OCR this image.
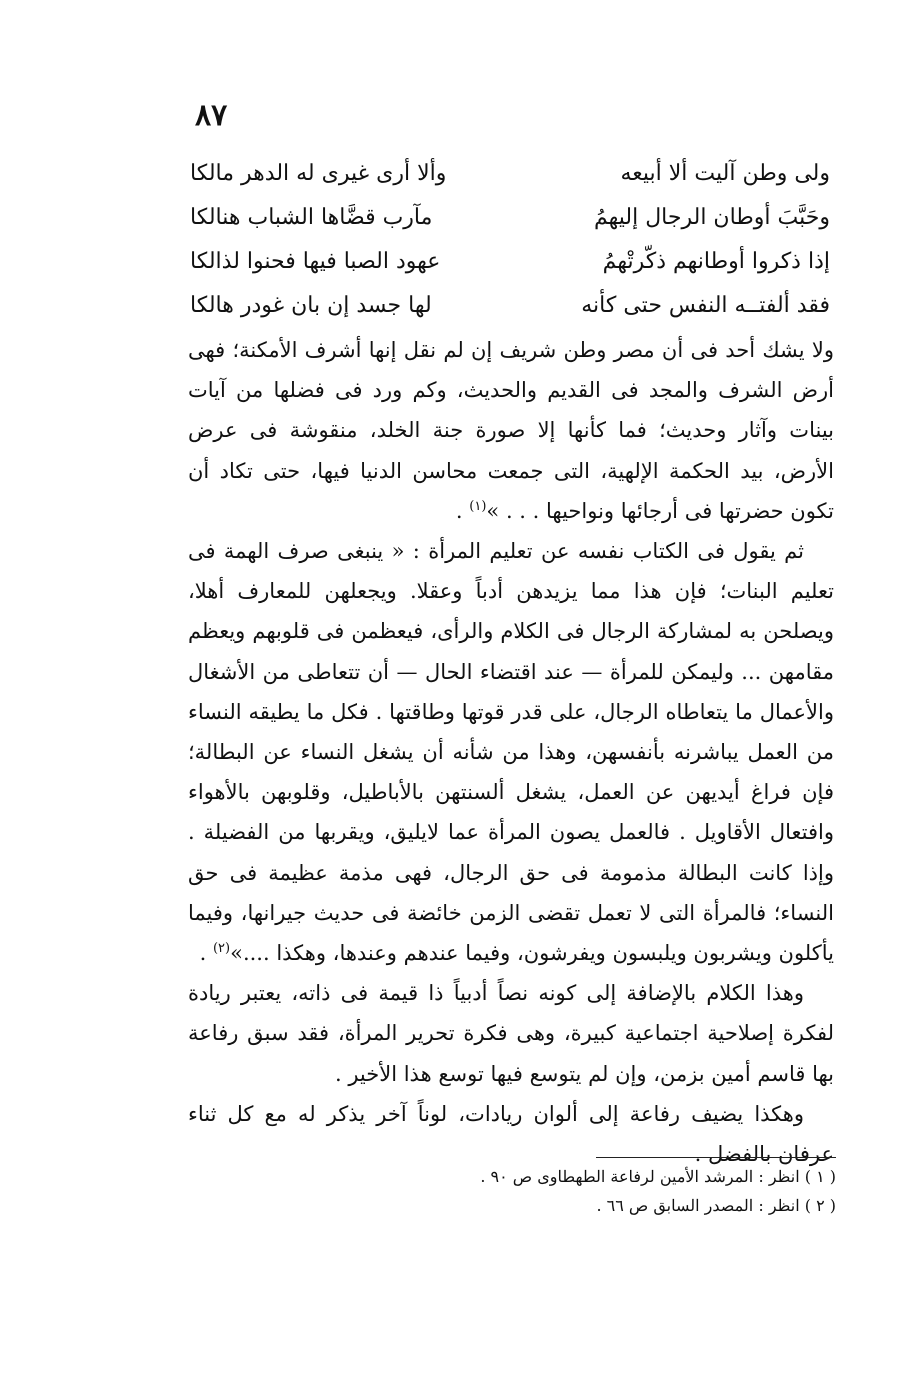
٨٧
ولى وطن آليت ألا أبيعه
وألا أرى غيرى له الدهر مالكا
وحَبَّبَ أوطان الرجال إليهمُ
مآرب قضَّاها الشباب هنالكا
إذا ذكروا أوطانهم ذكّرتْهمُ
عهود الصبا فيها فحنوا لذالكا
فقد ألفتــه النفس حتى كأنه
لها جسد إن بان غودر هالكا

ولا يشك أحد فى أن مصر وطن شريف إن لم نقل إنها أشرف الأمكنة؛ فهى أرض الشرف والمجد فى القديم والحديث، وكم ورد فى فضلها من آيات بينات وآثار وحديث؛ فما كأنها إلا صورة جنة الخلد، منقوشة فى عرض الأرض، بيد الحكمة الإلهية، التى جمعت محاسن الدنيا فيها، حتى تكاد أن تكون حضرتها فى أرجائها ونواحيها . . . »$^{(١)}$ .

ثم يقول فى الكتاب نفسه عن تعليم المرأة : « ينبغى صرف الهمة فى تعليم البنات؛ فإن هذا مما يزيدهن أدباً وعقلا. ويجعلهن للمعارف أهلا، ويصلحن به لمشاركة الرجال فى الكلام والرأى، فيعظمن فى قلوبهم ويعظم مقامهن ... وليمكن للمرأة — عند اقتضاء الحال — أن تتعاطى من الأشغال والأعمال ما يتعاطاه الرجال، على قدر قوتها وطاقتها . فكل ما يطيقه النساء من العمل يباشرنه بأنفسهن، وهذا من شأنه أن يشغل النساء عن البطالة؛ فإن فراغ أيديهن عن العمل، يشغل ألسنتهن بالأباطيل، وقلوبهن بالأهواء وافتعال الأقاويل . فالعمل يصون المرأة عما لايليق، ويقربها من الفضيلة . وإذا كانت البطالة مذمومة فى حق الرجال، فهى مذمة عظيمة فى حق النساء؛ فالمرأة التى لا تعمل تقضى الزمن خائضة فى حديث جيرانها، وفيما يأكلون ويشربون ويلبسون ويفرشون، وفيما عندهم وعندها، وهكذا ....»$^{(٢)}$ .

وهذا الكلام بالإضافة إلى كونه نصاً أدبياً ذا قيمة فى ذاته، يعتبر ريادة لفكرة إصلاحية اجتماعية كبيرة، وهى فكرة تحرير المرأة، فقد سبق رفاعة بها قاسم أمين بزمن، وإن لم يتوسع فيها توسع هذا الأخير .

وهكذا يضيف رفاعة إلى ألوان ريادات، لوناً آخر يذكر له مع كل ثناء عرفان بالفضل .

( ١ ) انظر : المرشد الأمين لرفاعة الطهطاوى ص ٩٠ .
( ٢ ) انظر : المصدر السابق ص ٦٦ .
